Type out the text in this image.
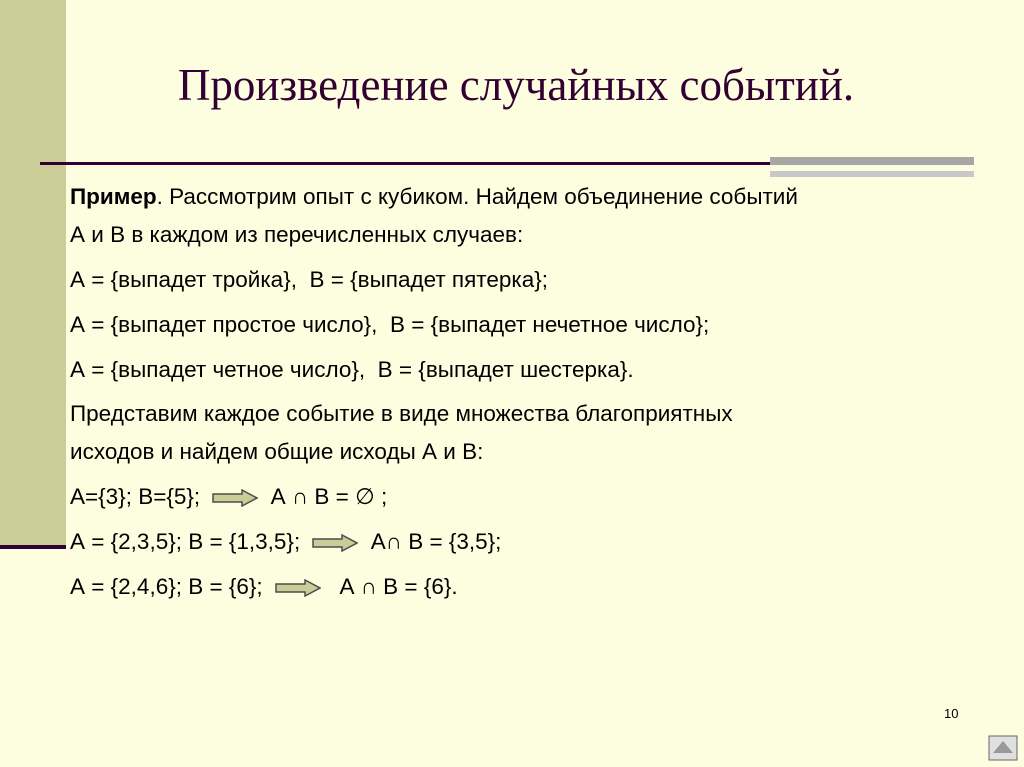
Произведение случайных событий.
Пример. Рассмотрим опыт с кубиком. Найдем объединение событий
А и В в каждом из перечисленных случаев:
А = {выпадет тройка}, В = {выпадет пятерка};
А = {выпадет простое число}, В = {выпадет нечетное число};
А = {выпадет четное число}, В = {выпадет шестерка}.
Представим каждое событие в виде множества благоприятных
исходов и найдем общие исходы А и В:
А={3}; В={5};	А ∩ В = ∅ ;
А = {2,3,5}; В = {1,3,5};	А∩ В = {3,5};
А = {2,4,6}; В = {6};	А ∩ В = {6}.
10
